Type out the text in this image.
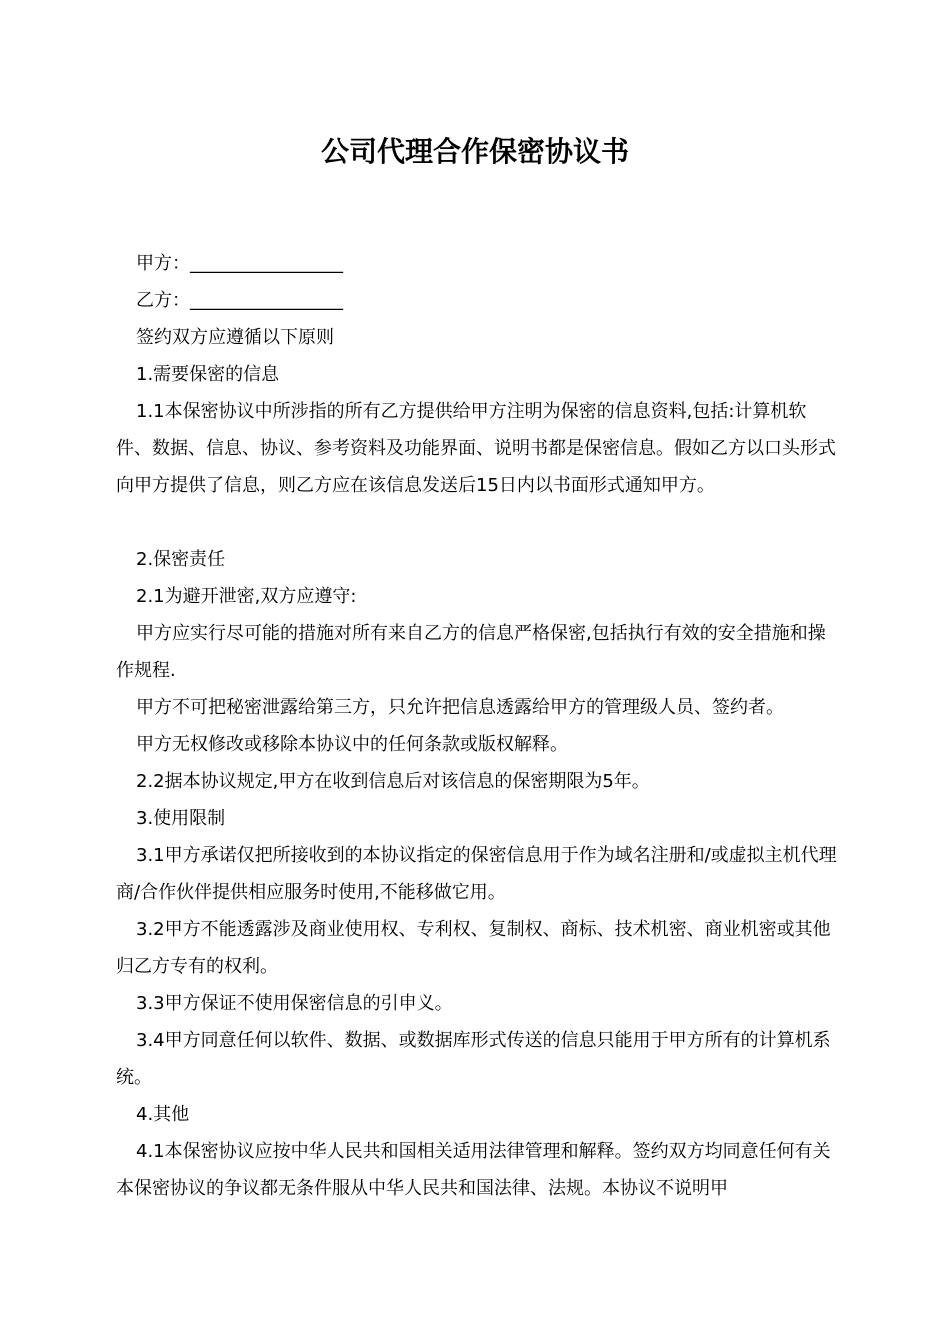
公司代理合作保密协议书

甲方：_________________

乙方：_________________

签约双方应遵循以下原则

1.需要保密的信息

1.1本保密协议中所涉指的所有乙方提供给甲方注明为保密的信息资料,包括:计算机软件、数据、信息、协议、参考资料及功能界面、说明书都是保密信息。假如乙方以口头形式向甲方提供了信息，则乙方应在该信息发送后15日内以书面形式通知甲方。

2.保密责任

2.1为避开泄密,双方应遵守:

甲方应实行尽可能的措施对所有来自乙方的信息严格保密,包括执行有效的安全措施和操作规程.

甲方不可把秘密泄露给第三方，只允许把信息透露给甲方的管理级人员、签约者。

甲方无权修改或移除本协议中的任何条款或版权解释。

2.2据本协议规定,甲方在收到信息后对该信息的保密期限为5年。

3.使用限制

3.1甲方承诺仅把所接收到的本协议指定的保密信息用于作为域名注册和/或虚拟主机代理商/合作伙伴提供相应服务时使用,不能移做它用。

3.2甲方不能透露涉及商业使用权、专利权、复制权、商标、技术机密、商业机密或其他归乙方专有的权利。

3.3甲方保证不使用保密信息的引申义。

3.4甲方同意任何以软件、数据、或数据库形式传送的信息只能用于甲方所有的计算机系统。

4.其他

4.1本保密协议应按中华人民共和国相关适用法律管理和解释。签约双方均同意任何有关本保密协议的争议都无条件服从中华人民共和国法律、法规。本协议不说明甲
